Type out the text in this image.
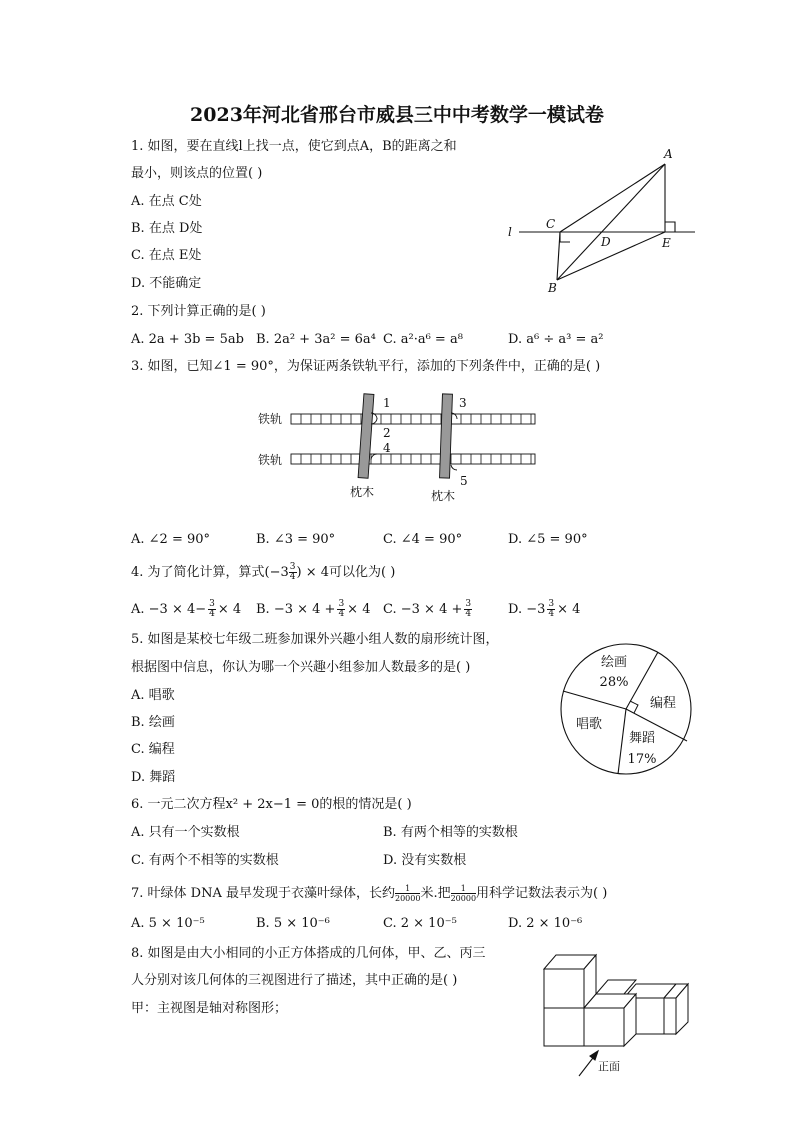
2023年河北省邢台市威县三中中考数学一模试卷
1. 如图，要在直线l上找一点，使它到点A，B的距离之和
最小，则该点的位置( )
A. 在点 C处
B. 在点 D处
C. 在点 E处
D. 不能确定
A
B
C
D	E
l
2. 下列计算正确的是( )
A. 2a + 3b = 5ab B. 2a² + 3a² = 6a⁴ C. a²·a⁶ = a⁸	D. a⁶ ÷ a³ = a²
3. 如图，已知∠1 = 90°，为保证两条铁轨平行，添加的下列条件中，正确的是( )
铁轨
铁轨
枕木	枕木
1
2
3
4
5
A. ∠2 = 90°	B. ∠3 = 90°	C. ∠4 = 90°	D. ∠5 = 90°
4. 为了简化计算，算式($-3 \frac{3}{4}$ ) × 4可以化为( )
A. $-3 \times 4- \frac{3}{4} \times 4$ B. $-3 \times 4 + \frac{3}{4} \times 4$ C. $-3 \times 4 + \frac{3}{4}$	D. $-3 \frac{3}{4} \times 4$
5. 如图是某校七年级二班参加课外兴趣小组人数的扇形统计图，
根据图中信息，你认为哪一个兴趣小组参加人数最多的是( )
A. 唱歌
B. 绘画
C. 编程
D. 舞蹈
绘画
28%
编程
舞蹈
17%
唱歌
6. 一元二次方程x² + 2x−1 = 0的根的情况是( )
A. 只有一个实数根	B. 有两个相等的实数根
C. 有两个不相等的实数根	D. 没有实数根
7. 叶绿体 DNA 最早发现于衣藻叶绿体，长约 $\frac{1}{20000}$ 米.把 $\frac{1}{20000}$ 用科学记数法表示为( )
A. 5 × 10⁻⁵	B. 5 × 10⁻⁶	C. 2 × 10⁻⁵	D. 2 × 10⁻⁶
8. 如图是由大小相同的小正方体搭成的几何体，甲、乙、丙三
人分别对该几何体的三视图进行了描述，其中正确的是( )
甲：主视图是轴对称图形；
正面
